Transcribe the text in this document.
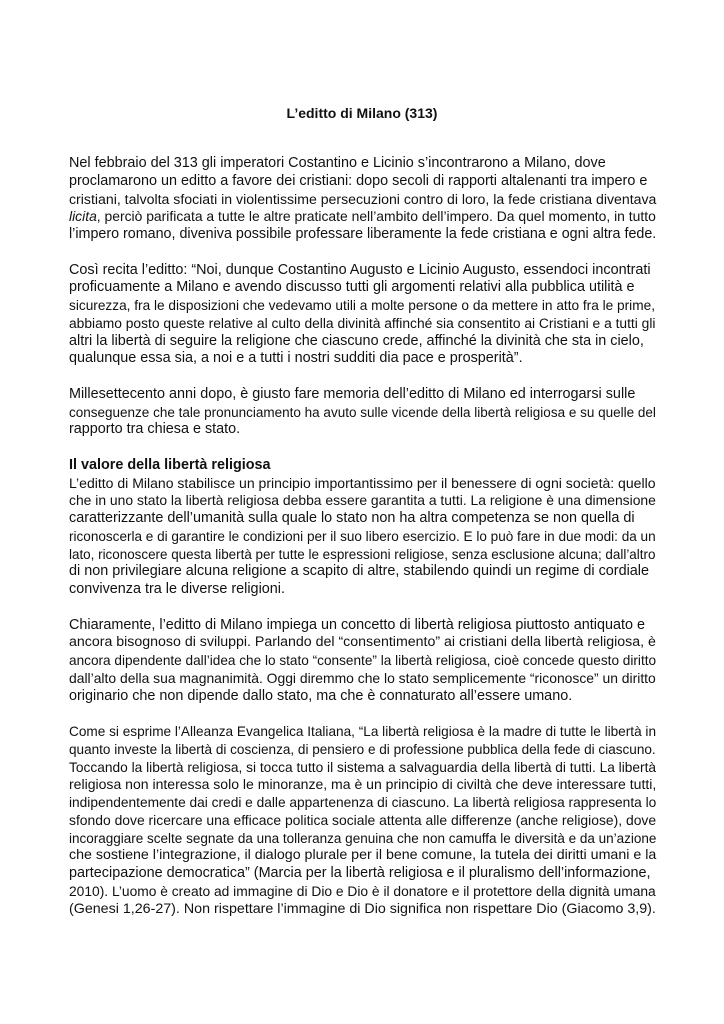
L’editto di Milano (313)

Nel febbraio del 313 gli imperatori Costantino e Licinio s’incontrarono a Milano, dove
proclamarono un editto a favore dei cristiani: dopo secoli di rapporti altalenanti tra impero e
cristiani, talvolta sfociati in violentissime persecuzioni contro di loro, la fede cristiana diventava
licita, perciò parificata a tutte le altre praticate nell’ambito dell’impero. Da quel momento, in tutto
l’impero romano, diveniva possibile professare liberamente la fede cristiana e ogni altra fede.

Così recita l’editto: “Noi, dunque Costantino Augusto e Licinio Augusto, essendoci incontrati
proficuamente a Milano e avendo discusso tutti gli argomenti relativi alla pubblica utilità e
sicurezza, fra le disposizioni che vedevamo utili a molte persone o da mettere in atto fra le prime,
abbiamo posto queste relative al culto della divinità affinché sia consentito ai Cristiani e a tutti gli
altri la libertà di seguire la religione che ciascuno crede, affinché la divinità che sta in cielo,
qualunque essa sia, a noi e a tutti i nostri sudditi dia pace e prosperità”.

Millesettecento anni dopo, è giusto fare memoria dell’editto di Milano ed interrogarsi sulle
conseguenze che tale pronunciamento ha avuto sulle vicende della libertà religiosa e su quelle del
rapporto tra chiesa e stato.

Il valore della libertà religiosa

L’editto di Milano stabilisce un principio importantissimo per il benessere di ogni società: quello
che in uno stato la libertà religiosa debba essere garantita a tutti. La religione è una dimensione
caratterizzante dell’umanità sulla quale lo stato non ha altra competenza se non quella di
riconoscerla e di garantire le condizioni per il suo libero esercizio. E lo può fare in due modi: da un
lato, riconoscere questa libertà per tutte le espressioni religiose, senza esclusione alcuna; dall’altro
di non privilegiare alcuna religione a scapito di altre, stabilendo quindi un regime di cordiale
convivenza tra le diverse religioni.

Chiaramente, l’editto di Milano impiega un concetto di libertà religiosa piuttosto antiquato e
ancora bisognoso di sviluppi. Parlando del “consentimento” ai cristiani della libertà religiosa, è
ancora dipendente dall’idea che lo stato “consente” la libertà religiosa, cioè concede questo diritto
dall’alto della sua magnanimità. Oggi diremmo che lo stato semplicemente “riconosce” un diritto
originario che non dipende dallo stato, ma che è connaturato all’essere umano.

Come si esprime l’Alleanza Evangelica Italiana, “La libertà religiosa è la madre di tutte le libertà in
quanto investe la libertà di coscienza, di pensiero e di professione pubblica della fede di ciascuno.
Toccando la libertà religiosa, si tocca tutto il sistema a salvaguardia della libertà di tutti. La libertà
religiosa non interessa solo le minoranze, ma è un principio di civiltà che deve interessare tutti,
indipendentemente dai credi e dalle appartenenza di ciascuno. La libertà religiosa rappresenta lo
sfondo dove ricercare una efficace politica sociale attenta alle differenze (anche religiose), dove
incoraggiare scelte segnate da una tolleranza genuina che non camuffa le diversità e da un’azione
che sostiene l’integrazione, il dialogo plurale per il bene comune, la tutela dei diritti umani e la
partecipazione democratica” (Marcia per la libertà religiosa e il pluralismo dell’informazione,
2010). L’uomo è creato ad immagine di Dio e Dio è il donatore e il protettore della dignità umana
(Genesi 1,26-27). Non rispettare l’immagine di Dio significa non rispettare Dio (Giacomo 3,9).
